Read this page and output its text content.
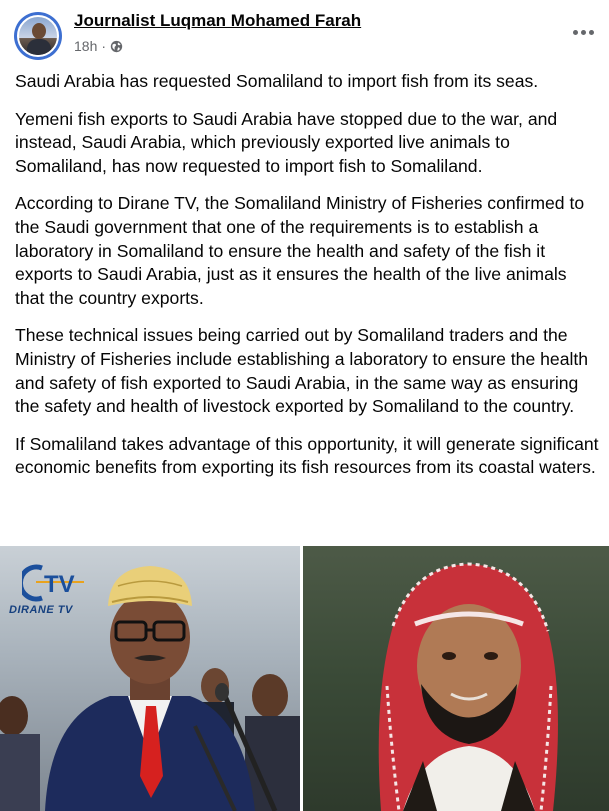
Journalist Luqman Mohamed Farah
18h ·

Saudi Arabia has requested Somaliland to import fish from its seas.

Yemeni fish exports to Saudi Arabia have stopped due to the war, and instead, Saudi Arabia, which previously exported live animals to Somaliland, has now requested to import fish to Somaliland.

According to Dirane TV, the Somaliland Ministry of Fisheries confirmed to the Saudi government that one of the requirements is to establish a laboratory in Somaliland to ensure the health and safety of the fish it exports to Saudi Arabia, just as it ensures the health of the live animals that the country exports.

These technical issues being carried out by Somaliland traders and the Ministry of Fisheries include establishing a laboratory to ensure the health and safety of fish exported to Saudi Arabia, in the same way as ensuring the safety and health of livestock exported by Somaliland to the country.

If Somaliland takes advantage of this opportunity, it will generate significant economic benefits from exporting its fish resources from its coastal waters.

TV
DIRANE TV
